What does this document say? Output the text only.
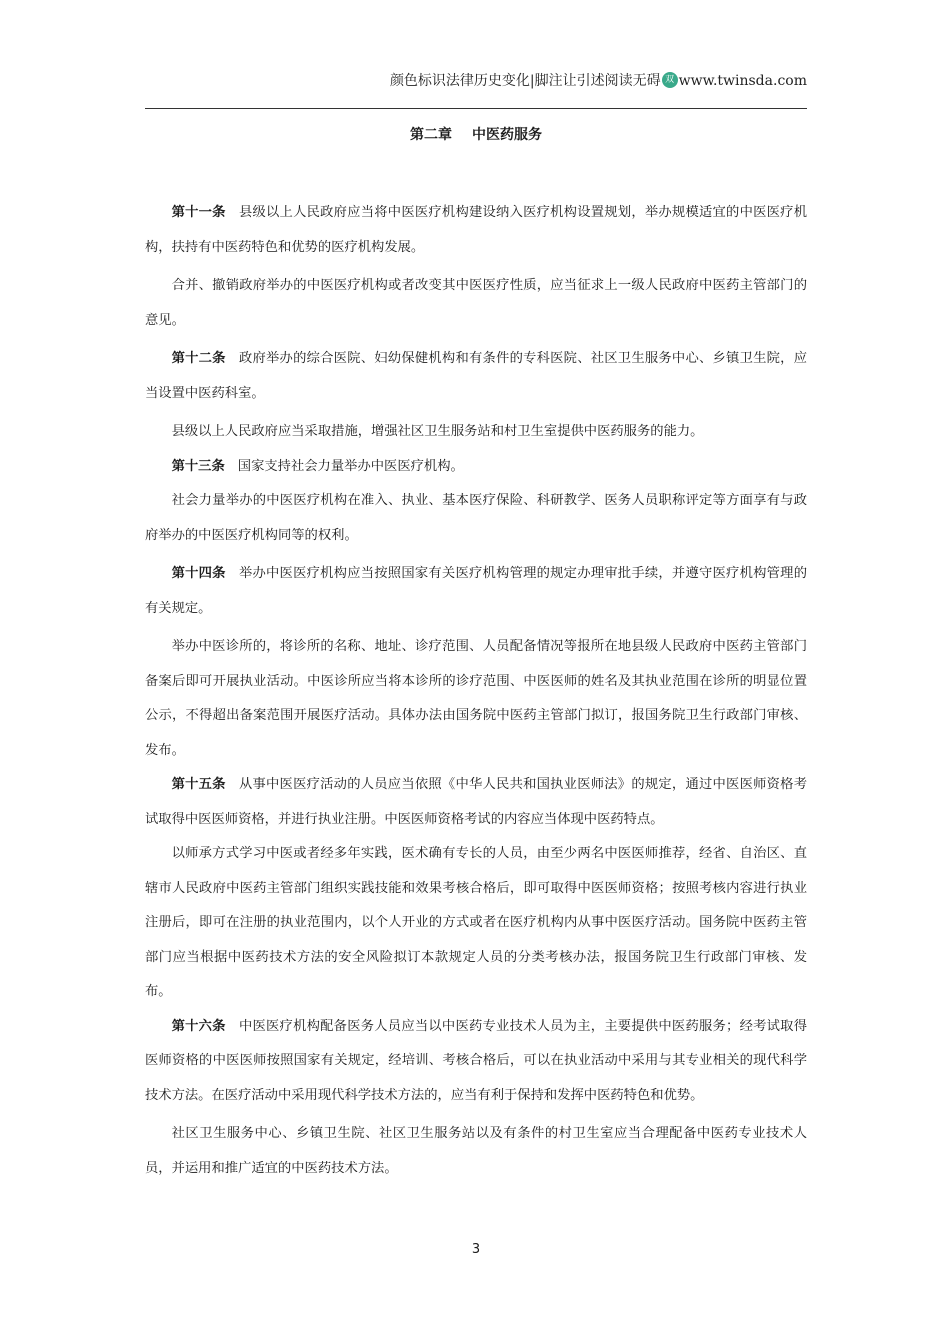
颜色标识法律历史变化|脚注让引述阅读无碍 双 www.twinsda.com
第二章 中医药服务

第十一条 县级以上人民政府应当将中医医疗机构建设纳入医疗机构设置规划，举办规模适宜的中医医疗机构，扶持有中医药特色和优势的医疗机构发展。

合并、撤销政府举办的中医医疗机构或者改变其中医医疗性质，应当征求上一级人民政府中医药主管部门的意见。

第十二条 政府举办的综合医院、妇幼保健机构和有条件的专科医院、社区卫生服务中心、乡镇卫生院，应当设置中医药科室。

县级以上人民政府应当采取措施，增强社区卫生服务站和村卫生室提供中医药服务的能力。

第十三条 国家支持社会力量举办中医医疗机构。

社会力量举办的中医医疗机构在准入、执业、基本医疗保险、科研教学、医务人员职称评定等方面享有与政府举办的中医医疗机构同等的权利。

第十四条 举办中医医疗机构应当按照国家有关医疗机构管理的规定办理审批手续，并遵守医疗机构管理的有关规定。

举办中医诊所的，将诊所的名称、地址、诊疗范围、人员配备情况等报所在地县级人民政府中医药主管部门备案后即可开展执业活动。中医诊所应当将本诊所的诊疗范围、中医医师的姓名及其执业范围在诊所的明显位置公示，不得超出备案范围开展医疗活动。具体办法由国务院中医药主管部门拟订，报国务院卫生行政部门审核、发布。

第十五条 从事中医医疗活动的人员应当依照《中华人民共和国执业医师法》的规定，通过中医医师资格考试取得中医医师资格，并进行执业注册。中医医师资格考试的内容应当体现中医药特点。

以师承方式学习中医或者经多年实践，医术确有专长的人员，由至少两名中医医师推荐，经省、自治区、直辖市人民政府中医药主管部门组织实践技能和效果考核合格后，即可取得中医医师资格；按照考核内容进行执业注册后，即可在注册的执业范围内，以个人开业的方式或者在医疗机构内从事中医医疗活动。国务院中医药主管部门应当根据中医药技术方法的安全风险拟订本款规定人员的分类考核办法，报国务院卫生行政部门审核、发布。

第十六条 中医医疗机构配备医务人员应当以中医药专业技术人员为主，主要提供中医药服务；经考试取得医师资格的中医医师按照国家有关规定，经培训、考核合格后，可以在执业活动中采用与其专业相关的现代科学技术方法。在医疗活动中采用现代科学技术方法的，应当有利于保持和发挥中医药特色和优势。

社区卫生服务中心、乡镇卫生院、社区卫生服务站以及有条件的村卫生室应当合理配备中医药专业技术人员，并运用和推广适宜的中医药技术方法。

3
